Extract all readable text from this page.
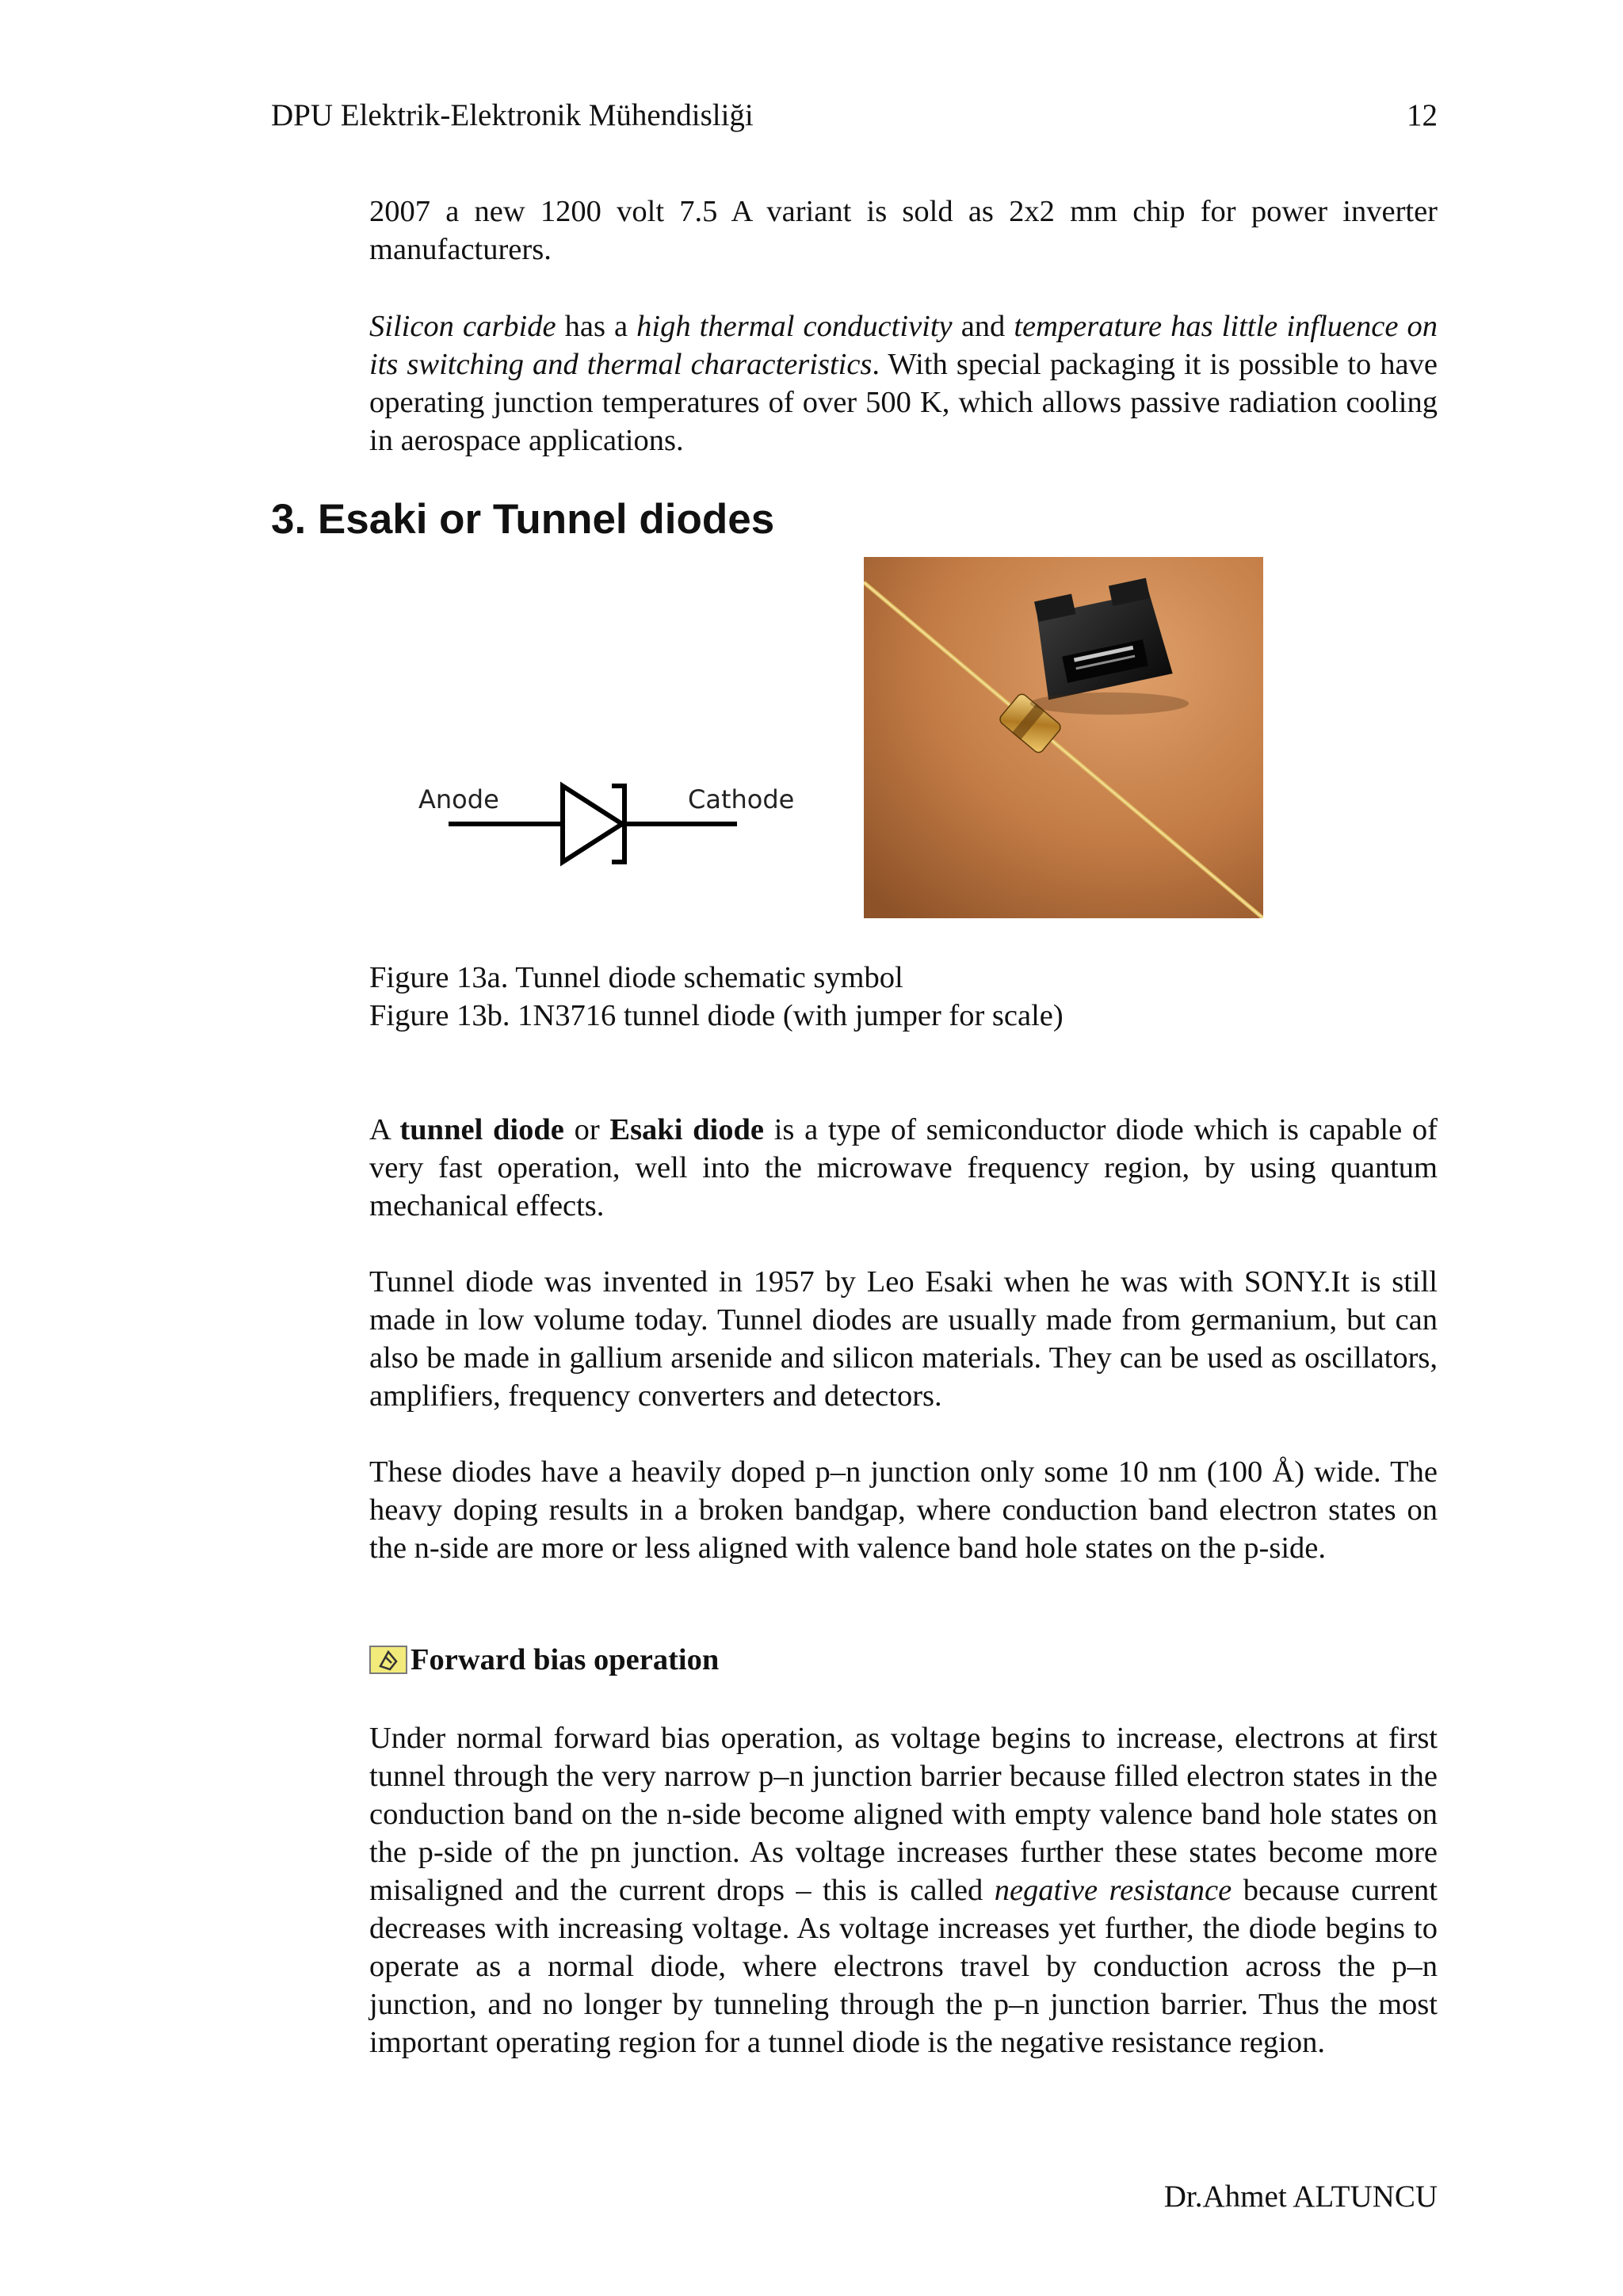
DPU Elektrik-Elektronik Mühendisliği	12

2007 a new 1200 volt 7.5 A variant is sold as 2x2 mm chip for power inverter manufacturers.

Silicon carbide has a high thermal conductivity and temperature has little influence on its switching and thermal characteristics. With special packaging it is possible to have operating junction temperatures of over 500 K, which allows passive radiation cooling in aerospace applications.

3. Esaki or Tunnel diodes
Anode	Cathode
Figure 13a. Tunnel diode schematic symbol
Figure 13b. 1N3716 tunnel diode (with jumper for scale)

A tunnel diode or Esaki diode is a type of semiconductor diode which is capable of very fast operation, well into the microwave frequency region, by using quantum mechanical effects.

Tunnel diode was invented in 1957 by Leo Esaki when he was with SONY.It is still made in low volume today. Tunnel diodes are usually made from germanium, but can also be made in gallium arsenide and silicon materials. They can be used as oscillators, amplifiers, frequency converters and detectors.

These diodes have a heavily doped p–n junction only some 10 nm (100 Å) wide. The heavy doping results in a broken bandgap, where conduction band electron states on the n-side are more or less aligned with valence band hole states on the p-side.

Forward bias operation

Under normal forward bias operation, as voltage begins to increase, electrons at first tunnel through the very narrow p–n junction barrier because filled electron states in the conduction band on the n-side become aligned with empty valence band hole states on the p-side of the pn junction. As voltage increases further these states become more misaligned and the current drops – this is called negative resistance because current decreases with increasing voltage. As voltage increases yet further, the diode begins to operate as a normal diode, where electrons travel by conduction across the p–n junction, and no longer by tunneling through the p–n junction barrier. Thus the most important operating region for a tunnel diode is the negative resistance region.

Dr.Ahmet ALTUNCU
